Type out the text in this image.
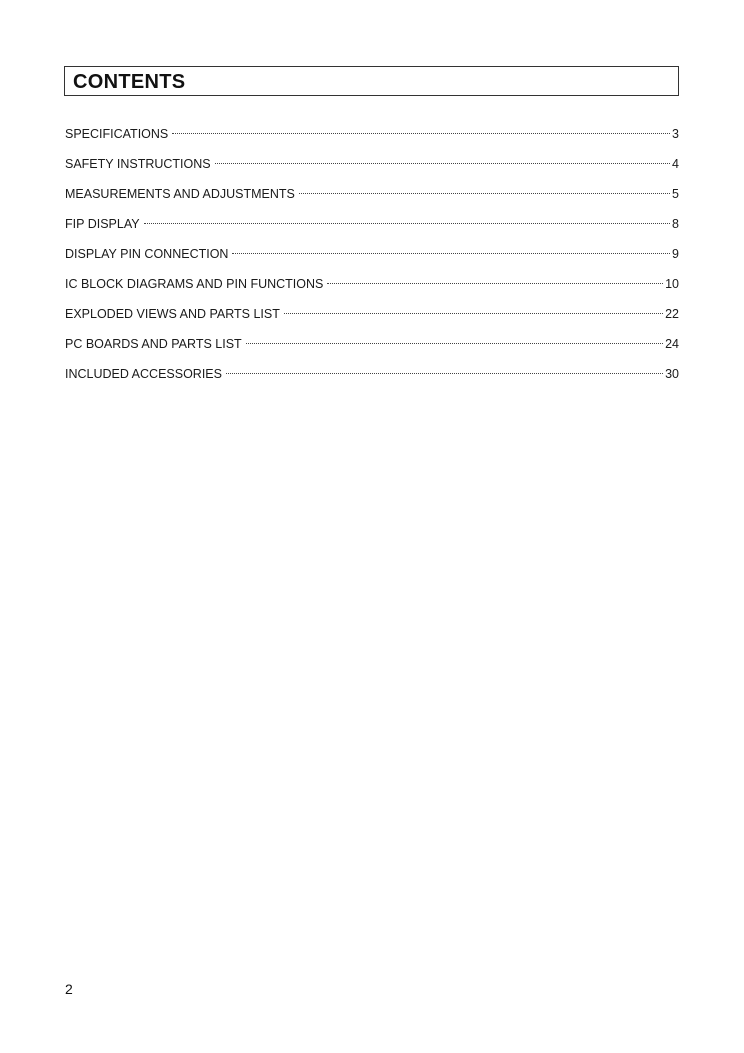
CONTENTS
SPECIFICATIONS	3
SAFETY INSTRUCTIONS	4
MEASUREMENTS AND ADJUSTMENTS	5
FIP DISPLAY	8
DISPLAY PIN CONNECTION	9
IC BLOCK DIAGRAMS AND PIN FUNCTIONS	10
EXPLODED VIEWS AND PARTS LIST	22
PC BOARDS AND PARTS LIST	24
INCLUDED ACCESSORIES	30
2
